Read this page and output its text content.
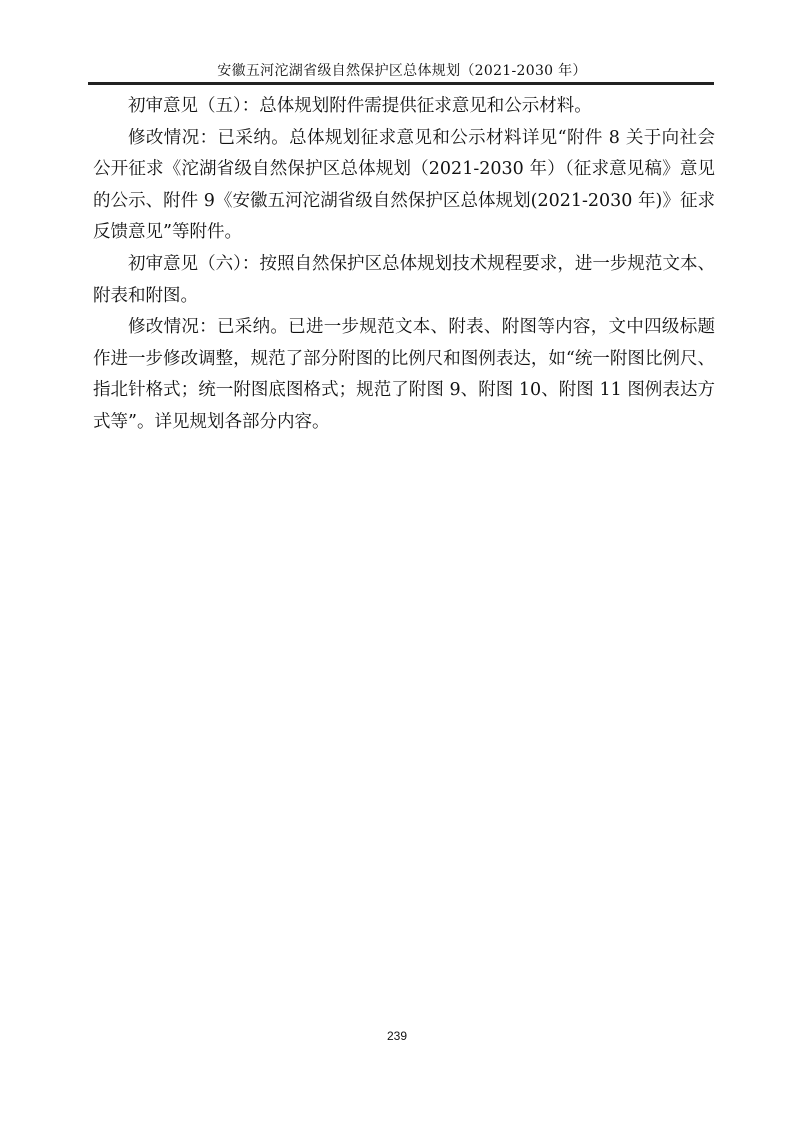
安徽五河沱湖省级自然保护区总体规划（2021-2030 年）

初审意见（五）：总体规划附件需提供征求意见和公示材料。

修改情况：已采纳。总体规划征求意见和公示材料详见“附件 8 关于向社会公开征求《沱湖省级自然保护区总体规划（2021-2030 年）（征求意见稿》意见的公示、附件 9《安徽五河沱湖省级自然保护区总体规划(2021-2030 年)》征求反馈意见”等附件。

初审意见（六）：按照自然保护区总体规划技术规程要求，进一步规范文本、附表和附图。

修改情况：已采纳。已进一步规范文本、附表、附图等内容，文中四级标题作进一步修改调整，规范了部分附图的比例尺和图例表达，如“统一附图比例尺、指北针格式；统一附图底图格式；规范了附图 9、附图 10、附图 11 图例表达方式等”。详见规划各部分内容。

239
